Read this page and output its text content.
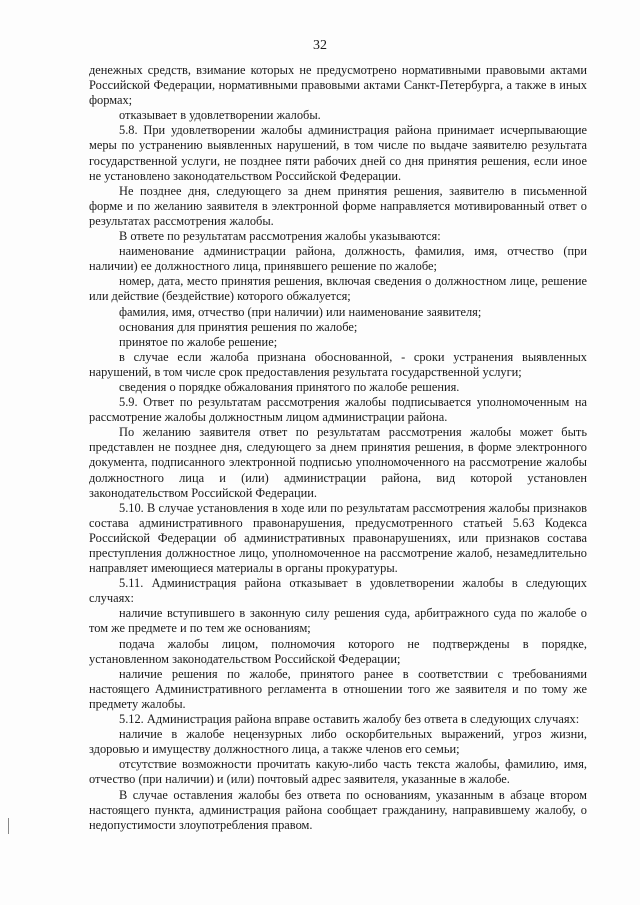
32

денежных средств, взимание которых не предусмотрено нормативными правовыми актами Российской Федерации, нормативными правовыми актами Санкт-Петербурга, а также в иных формах;

отказывает в удовлетворении жалобы.

5.8. При удовлетворении жалобы администрация района принимает исчерпывающие меры по устранению выявленных нарушений, в том числе по выдаче заявителю результата государственной услуги, не позднее пяти рабочих дней со дня принятия решения, если иное не установлено законодательством Российской Федерации.

Не позднее дня, следующего за днем принятия решения, заявителю в письменной форме и по желанию заявителя в электронной форме направляется мотивированный ответ о результатах рассмотрения жалобы.

В ответе по результатам рассмотрения жалобы указываются:

наименование администрации района, должность, фамилия, имя, отчество (при наличии) ее должностного лица, принявшего решение по жалобе;

номер, дата, место принятия решения, включая сведения о должностном лице, решение или действие (бездействие) которого обжалуется;

фамилия, имя, отчество (при наличии) или наименование заявителя;

основания для принятия решения по жалобе;

принятое по жалобе решение;

в случае если жалоба признана обоснованной, - сроки устранения выявленных нарушений, в том числе срок предоставления результата государственной услуги;

сведения о порядке обжалования принятого по жалобе решения.

5.9. Ответ по результатам рассмотрения жалобы подписывается уполномоченным на рассмотрение жалобы должностным лицом администрации района.

По желанию заявителя ответ по результатам рассмотрения жалобы может быть представлен не позднее дня, следующего за днем принятия решения, в форме электронного документа, подписанного электронной подписью уполномоченного на рассмотрение жалобы должностного лица и (или) администрации района, вид которой установлен законодательством Российской Федерации.

5.10. В случае установления в ходе или по результатам рассмотрения жалобы признаков состава административного правонарушения, предусмотренного статьей 5.63 Кодекса Российской Федерации об административных правонарушениях, или признаков состава преступления должностное лицо, уполномоченное на рассмотрение жалоб, незамедлительно направляет имеющиеся материалы в органы прокуратуры.

5.11. Администрация района отказывает в удовлетворении жалобы в следующих случаях:

наличие вступившего в законную силу решения суда, арбитражного суда по жалобе о том же предмете и по тем же основаниям;

подача жалобы лицом, полномочия которого не подтверждены в порядке, установленном законодательством Российской Федерации;

наличие решения по жалобе, принятого ранее в соответствии с требованиями настоящего Административного регламента в отношении того же заявителя и по тому же предмету жалобы.

5.12. Администрация района вправе оставить жалобу без ответа в следующих случаях:

наличие в жалобе нецензурных либо оскорбительных выражений, угроз жизни, здоровью и имуществу должностного лица, а также членов его семьи;

отсутствие возможности прочитать какую-либо часть текста жалобы, фамилию, имя, отчество (при наличии) и (или) почтовый адрес заявителя, указанные в жалобе.

В случае оставления жалобы без ответа по основаниям, указанным в абзаце втором настоящего пункта, администрация района сообщает гражданину, направившему жалобу, о недопустимости злоупотребления правом.
